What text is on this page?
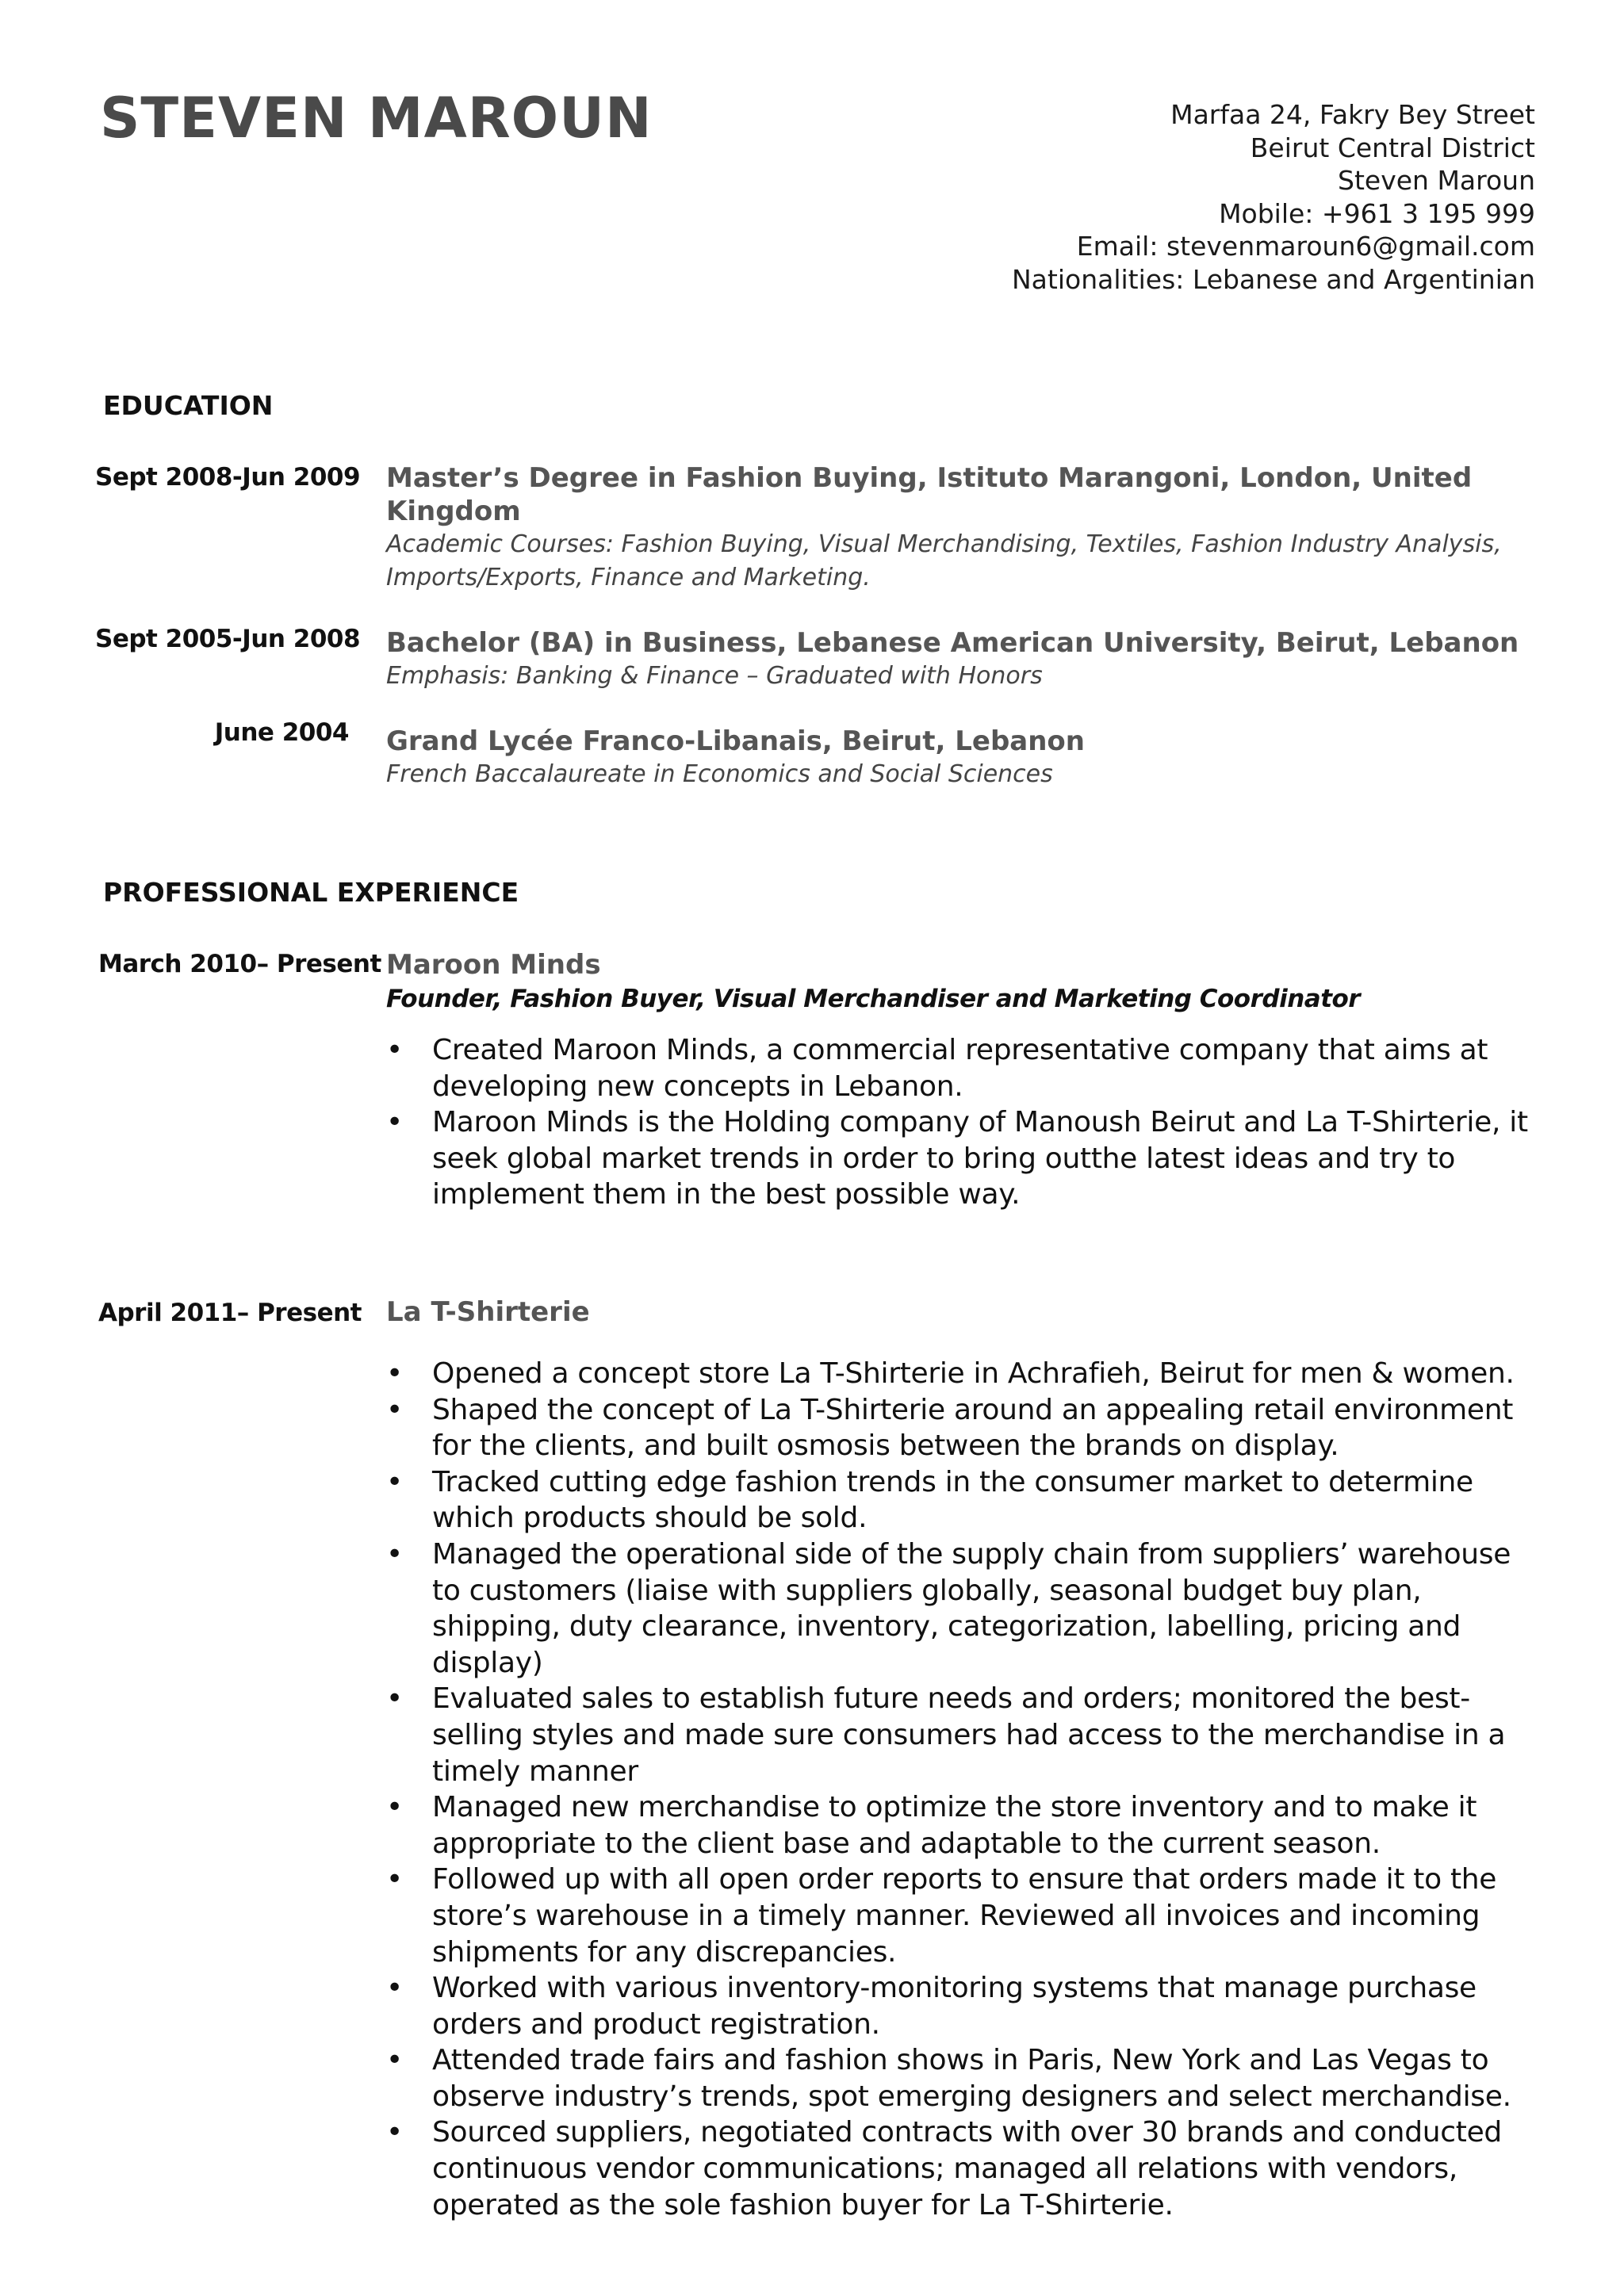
STEVEN MAROUN	Marfaa 24, Fakry Bey Street
Beirut Central District
Steven Maroun
Mobile: +961 3 195 999
Email: stevenmaroun6@gmail.com
Nationalities: Lebanese and Argentinian
EDUCATION
Sept 2008-Jun 2009 Master’s Degree in Fashion Buying, Istituto Marangoni, London, United Kingdom
Academic Courses: Fashion Buying, Visual Merchandising, Textiles, Fashion Industry Analysis, Imports/Exports, Finance and Marketing.
Sept 2005-Jun 2008 Bachelor (BA) in Business, Lebanese American University, Beirut, Lebanon
Emphasis: Banking & Finance – Graduated with Honors
June 2004 Grand Lycée Franco-Libanais, Beirut, Lebanon
French Baccalaureate in Economics and Social Sciences
PROFESSIONAL EXPERIENCE
March 2010– Present Maroon Minds
Founder, Fashion Buyer, Visual Merchandiser and Marketing Coordinator
• Created Maroon Minds, a commercial representative company that aims at developing new concepts in Lebanon.
• Maroon Minds is the Holding company of Manoush Beirut and La T-Shirterie, it seek global market trends in order to bring outthe latest ideas and try to implement them in the best possible way.
April 2011– Present La T-Shirterie
• Opened a concept store La T-Shirterie in Achrafieh, Beirut for men & women.
• Shaped the concept of La T-Shirterie around an appealing retail environment for the clients, and built osmosis between the brands on display.
• Tracked cutting edge fashion trends in the consumer market to determine which products should be sold.
• Managed the operational side of the supply chain from suppliers’ warehouse to customers (liaise with suppliers globally, seasonal budget buy plan, shipping, duty clearance, inventory, categorization, labelling, pricing and display)
• Evaluated sales to establish future needs and orders; monitored the best-selling styles and made sure consumers had access to the merchandise in a timely manner
• Managed new merchandise to optimize the store inventory and to make it appropriate to the client base and adaptable to the current season.
• Followed up with all open order reports to ensure that orders made it to the store’s warehouse in a timely manner. Reviewed all invoices and incoming shipments for any discrepancies.
• Worked with various inventory-monitoring systems that manage purchase orders and product registration.
• Attended trade fairs and fashion shows in Paris, New York and Las Vegas to observe industry’s trends, spot emerging designers and select merchandise.
• Sourced suppliers, negotiated contracts with over 30 brands and conducted continuous vendor communications; managed all relations with vendors, operated as the sole fashion buyer for La T-Shirterie.
